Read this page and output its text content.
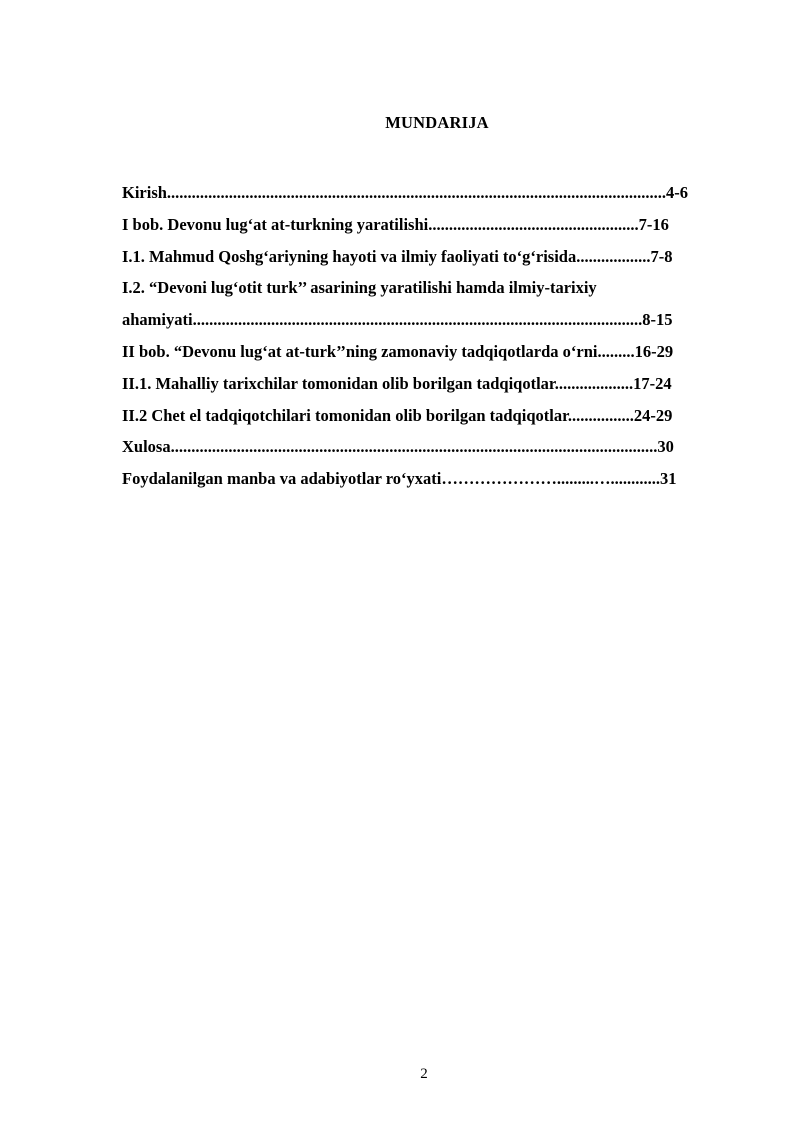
MUNDARIJA
Kirish.........................................................................................................................4-6
I bob. Devonu lug‘at at-turkning yaratilishi...................................................7-16
I.1. Mahmud Qoshg‘ariyning hayoti va ilmiy faoliyati to‘g‘risida..................7-8
I.2. “Devoni lug‘otit turk’’ asarining yaratilishi hamda ilmiy-tarixiy
ahamiyati.............................................................................................................8-15
II bob. “Devonu lug‘at at-turk’’ning zamonaviy tadqiqotlarda o‘rni.........16-29
II.1. Mahalliy tarixchilar tomonidan olib borilgan tadqiqotlar...................17-24
II.2 Chet el tadqiqotchilari tomonidan olib borilgan tadqiqotlar................24-29
Xulosa......................................................................................................................30
Foydalanilgan manba va adabiyotlar ro‘yxati………………….........…............31
2
